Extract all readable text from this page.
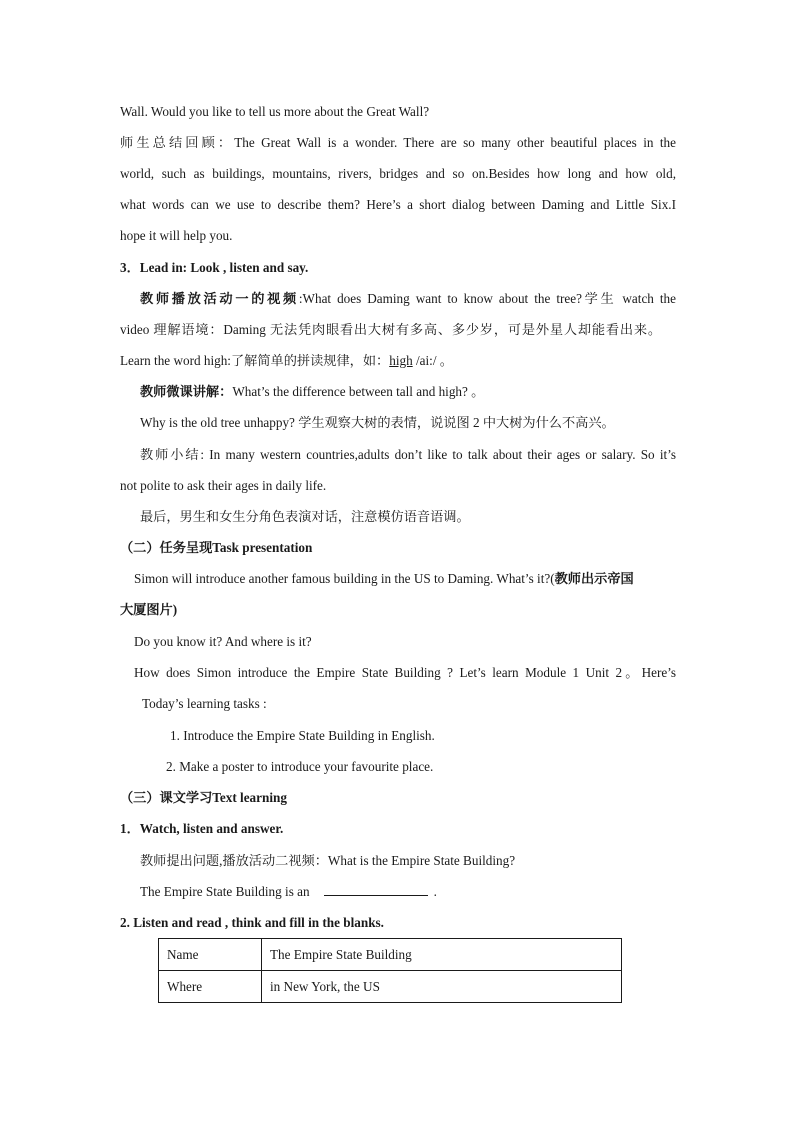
Wall. Would you like to tell us more about the Great Wall?
师生总结回顾：The Great Wall is a wonder. There are so many other beautiful places in the
world, such as buildings, mountains, rivers, bridges and so on.Besides how long and how old,
what words can we use to describe them? Here’s a short dialog between Daming and Little Six.I
hope it will help you.
3．Lead in: Look , listen and say.
教师播放活动一的视频:What does Daming want to know about the tree?学生 watch the
video 理解语境：Daming 无法凭肉眼看出大树有多高、多少岁，可是外星人却能看出来。
Learn the word high:了解简单的拼读规律，如：high /ai:/ 。
教师微课讲解：What’s the difference between tall and high? 。
Why is the old tree unhappy? 学生观察大树的表情，说说图 2 中大树为什么不高兴。
教师小结: In many western countries,adults don’t like to talk about their ages or salary. So it’s
not polite to ask their ages in daily life.
最后，男生和女生分角色表演对话，注意模仿语音语调。
（二）任务呈现Task presentation
Simon will introduce another famous building in the US to Daming. What’s it?(教师出示帝国
大厦图片)
Do you know it? And where is it?
How does Simon introduce the Empire State Building ? Let’s learn Module 1 Unit 2。Here’s
Today’s learning tasks :
1. Introduce the Empire State Building in English.
2. Make a poster to introduce your favourite place.
（三）课文学习Text learning
1．Watch, listen and answer.
教师提出问题,播放活动二视频：What is the Empire State Building?
The Empire State Building is an	.
2. Listen and read , think and fill in the blanks.
Name	The Empire State Building
Where	in New York, the US
